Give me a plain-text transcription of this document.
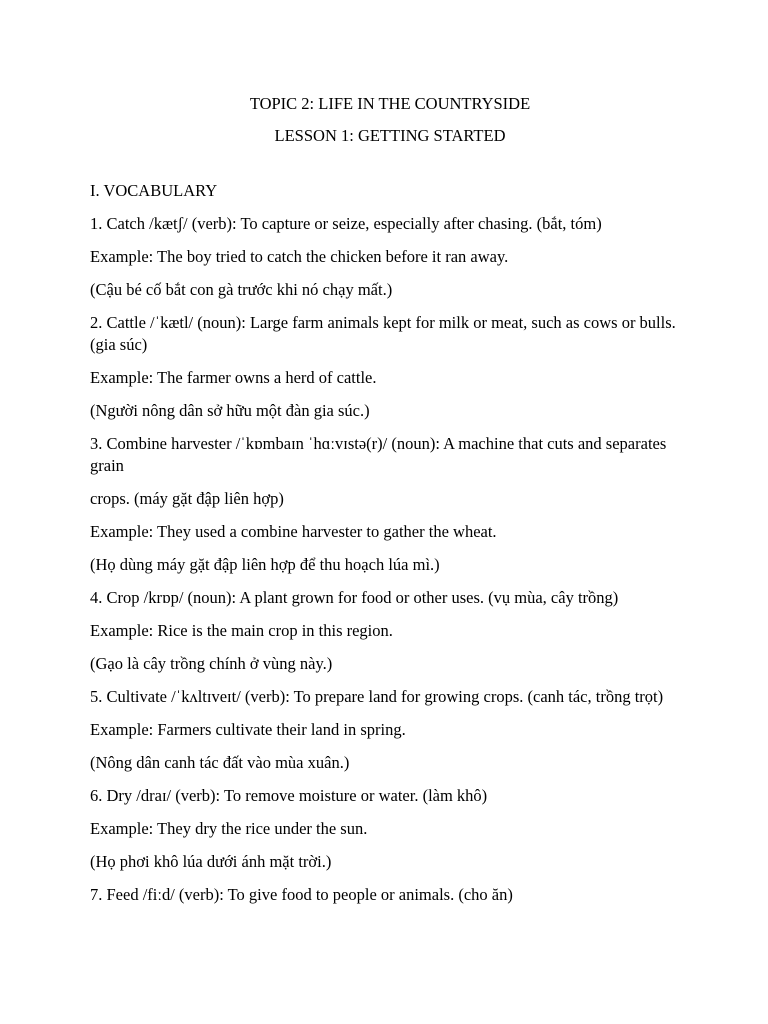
TOPIC 2: LIFE IN THE COUNTRYSIDE

LESSON 1: GETTING STARTED

I. VOCABULARY

1. Catch /kætʃ/ (verb): To capture or seize, especially after chasing. (bắt, tóm)

Example: The boy tried to catch the chicken before it ran away.

(Cậu bé cố bắt con gà trước khi nó chạy mất.)

2. Cattle /ˈkætl/ (noun): Large farm animals kept for milk or meat, such as cows or bulls. (gia súc)

Example: The farmer owns a herd of cattle.

(Người nông dân sở hữu một đàn gia súc.)

3. Combine harvester /ˈkɒmbaɪn ˈhɑːvɪstə(r)/ (noun): A machine that cuts and separates grain

crops. (máy gặt đập liên hợp)

Example: They used a combine harvester to gather the wheat.

(Họ dùng máy gặt đập liên hợp để thu hoạch lúa mì.)

4. Crop /krɒp/ (noun): A plant grown for food or other uses. (vụ mùa, cây trồng)

Example: Rice is the main crop in this region.

(Gạo là cây trồng chính ở vùng này.)

5. Cultivate /ˈkʌltɪveɪt/ (verb): To prepare land for growing crops. (canh tác, trồng trọt)

Example: Farmers cultivate their land in spring.

(Nông dân canh tác đất vào mùa xuân.)

6. Dry /draɪ/ (verb): To remove moisture or water. (làm khô)

Example: They dry the rice under the sun.

(Họ phơi khô lúa dưới ánh mặt trời.)

7. Feed /fiːd/ (verb): To give food to people or animals. (cho ăn)
